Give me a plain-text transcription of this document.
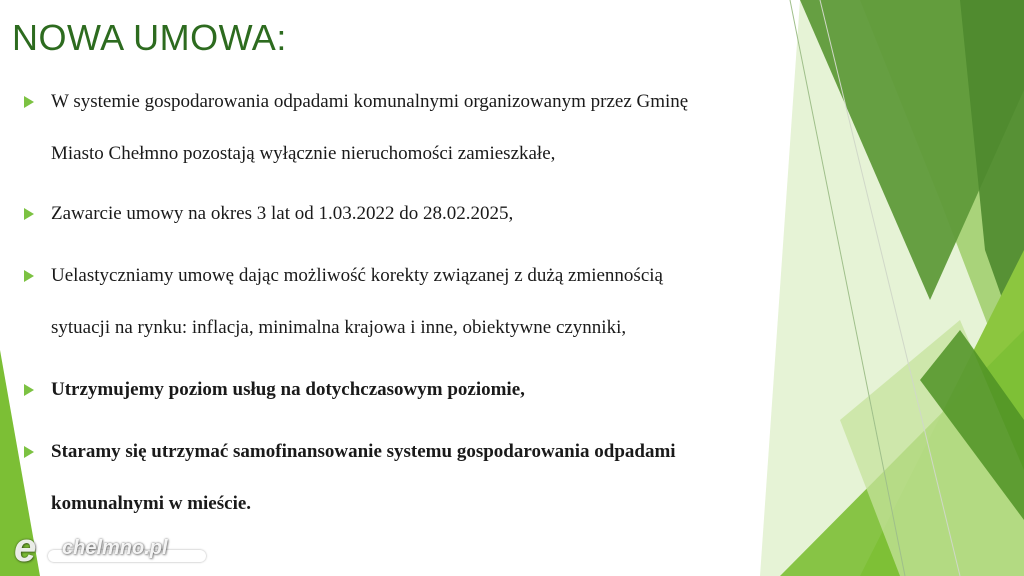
NOWA UMOWA:
W systemie gospodarowania odpadami komunalnymi organizowanym przez Gminę
Miasto Chełmno pozostają wyłącznie nieruchomości zamieszkałe,
Zawarcie umowy na okres 3 lat od 1.03.2022 do 28.02.2025,
Uelastyczniamy umowę dając możliwość korekty związanej z dużą zmiennością
sytuacji na rynku: inflacja, minimalna krajowa i inne, obiektywne czynniki,
Utrzymujemy poziom usług na dotychczasowym poziomie,
Staramy się utrzymać samofinansowanie systemu gospodarowania odpadami
komunalnymi w mieście.
e chelmno.pl
